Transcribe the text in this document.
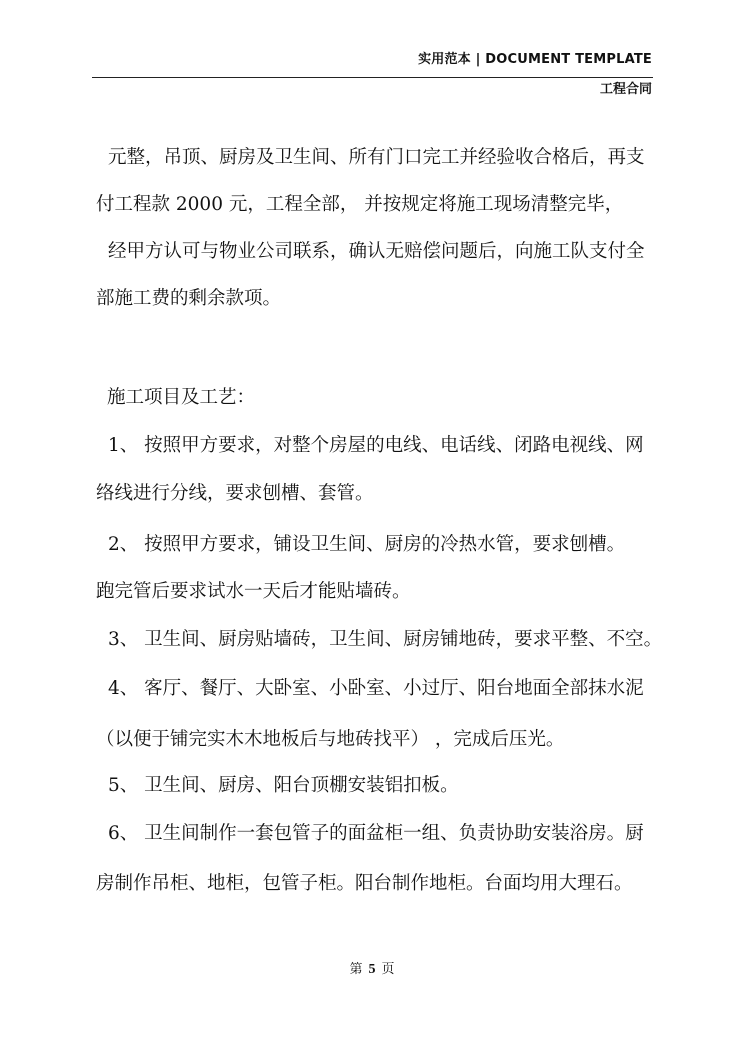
实用范本 | DOCUMENT TEMPLATE
工程合同
元整，吊顶、厨房及卫生间、所有门口完工并经验收合格后，再支
付工程款 2000 元，工程全部， 并按规定将施工现场清整完毕，
经甲方认可与物业公司联系，确认无赔偿问题后，向施工队支付全
部施工费的剩余款项。
施工项目及工艺：
1、 按照甲方要求，对整个房屋的电线、电话线、闭路电视线、网
络线进行分线，要求刨槽、套管。
2、 按照甲方要求，铺设卫生间、厨房的冷热水管，要求刨槽。
跑完管后要求试水一天后才能贴墙砖。
3、 卫生间、厨房贴墙砖，卫生间、厨房铺地砖，要求平整、不空。
4、 客厅、餐厅、大卧室、小卧室、小过厅、阳台地面全部抹水泥
（以便于铺完实木木地板后与地砖找平） ，完成后压光。
5、 卫生间、厨房、阳台顶棚安装铝扣板。
6、 卫生间制作一套包管子的面盆柜一组、负责协助安装浴房。厨
房制作吊柜、地柜，包管子柜。阳台制作地柜。台面均用大理石。
第 5 页
